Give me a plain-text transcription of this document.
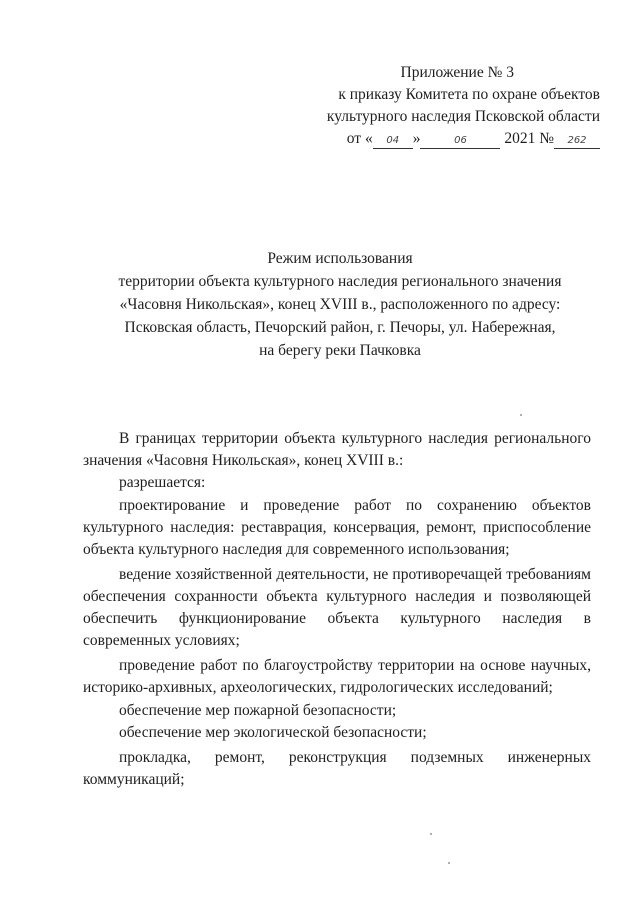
Приложение № 3
к приказу Комитета по охране объектов
культурного наследия Псковской области
от « 04 »	06 2021 № 262
Режим использования
территории объекта культурного наследия регионального значения
«Часовня Никольская», конец XVIII в., расположенного по адресу:
Псковская область, Печорский район, г. Печоры, ул. Набережная,
на берегу реки Пачковка

В границах территории объекта культурного наследия регионального значения «Часовня Никольская», конец XVIII в.:

разрешается:

проектирование и проведение работ по сохранению объектов культурного наследия: реставрация, консервация, ремонт, приспособление объекта культурного наследия для современного использования;

ведение хозяйственной деятельности, не противоречащей требованиям обеспечения сохранности объекта культурного наследия и позволяющей обеспечить функционирование объекта культурного наследия в современных условиях;

проведение работ по благоустройству территории на основе научных, историко-архивных, археологических, гидрологических исследований;

обеспечение мер пожарной безопасности;

обеспечение мер экологической безопасности;

прокладка, ремонт, реконструкция подземных инженерных коммуникаций;
